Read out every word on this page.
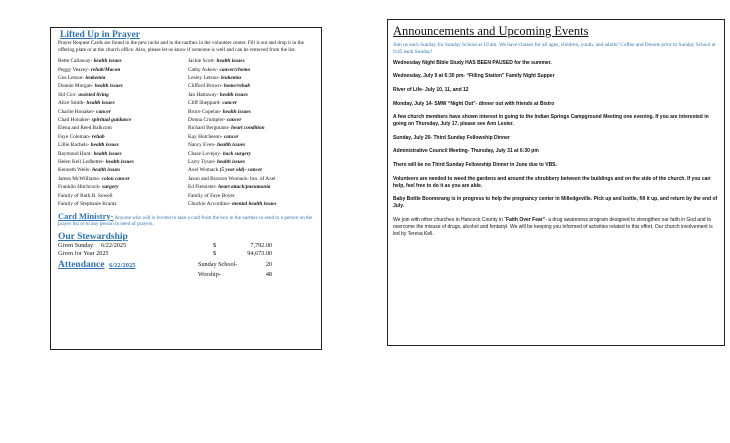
Lifted Up in Prayer
Prayer Request Cards are found in the pew racks and in the narthex in the volunteer center. Fill it out and drop it in the offering plate or at the church office. Also, please let us know if someone is well and can be removed from the list.
Bette Callaway- health issues
Peggy Veazey- rehab/Macon
Gus Letson- leukemia
Donnie Morgan- health issues
Sid Cox- assisted living
Alice Smith- health issues
Charlie Honaker- cancer
Chad Honaker- spiritual guidance
Elena and Reed Balkcom
Faye Coleman- rehab
Lillie Rachels- health issues
Raymond Hunt- health issues
Helen Kell Ledbetter- health issues
Kenneth Wells- health issues
James McWilliams- colon cancer
Franklin Hitchcock- surgery
Family of Ruth B. Sowell
Family of Stephanie Krantz
Jackie Scott- health issues
Cathy Askew- cancer/chemo
Lesley Letson- leukemia
Clifford Brown- home/rehab
Jan Hattaway- health issues
Cliff Sheppard- cancer
Bruce Copelan- health issues
Donna Crumpler- cancer
Richard Bergmann- heart condition
Kay Hutcheson- cancer
Nancy Even- health issues
Chase Lovejoy- back surgery
Larry Tyson- health issues
Axel Womack (5 year old)- cancer
Jason and Braxton Womack- bro. of Axel
Ed Flemister- heart attack/pneumonia
Family of Faye Boyer
Chuckie Accordino- mental health issues
Card Ministry- Anyone who will is invited to take a card from the box in the narthex to send to a person on the prayer list or to any person in need of prayers.
Our Stewardship
Given Sunday 6/22/2025	$	7,792.00
Given for Year 2025	$	94,673.00
Attendance 6/22/2025	Sunday School-	20
Worship-	48
Announcements and Upcoming Events
Join us each Sunday for Sunday School at 10 am. We have classes for all ages, children, youth, and adults! Coffee and Donuts prior to Sunday School at 9:45 each Sunday!

Wednesday Night Bible Study HAS BEEN PAUSED for the summer.

Wednesday, July 9 at 6:30 pm- “Filling Station” Family Night Supper

River of Life- July 10, 11, and 12

Monday, July 14- SMW “Night Out”- dinner out with friends at Bistro

A few church members have shown interest in going to the Indian Springs Campground Meeting one evening. If you are interested in going on Thursday, July 17, please see Ann Lester.

Sunday, July 20- Third Sunday Fellowship Dinner

Administrative Council Meeting- Thursday, July 31 at 6:30 pm

There will be no Third Sunday Fellowship Dinner in June due to VBS.

Volunteers are needed to weed the gardens and around the shrubbery between the buildings and on the side of the church. If you can help, feel free to do it as you are able.

Baby Bottle Boomerang is in progress to help the pregnancy center in Milledgeville. Pick up and bottle, fill it up, and return by the end of July.

We join with other churches in Hancock County in “Faith Over Fear”- a drug awareness program designed to strengthen our faith in God and to overcome the misuse of drugs, alcohol and fentanyl. We will be keeping you informed of activities related to this effort. Our church involvement is led by Teresa Kell.
